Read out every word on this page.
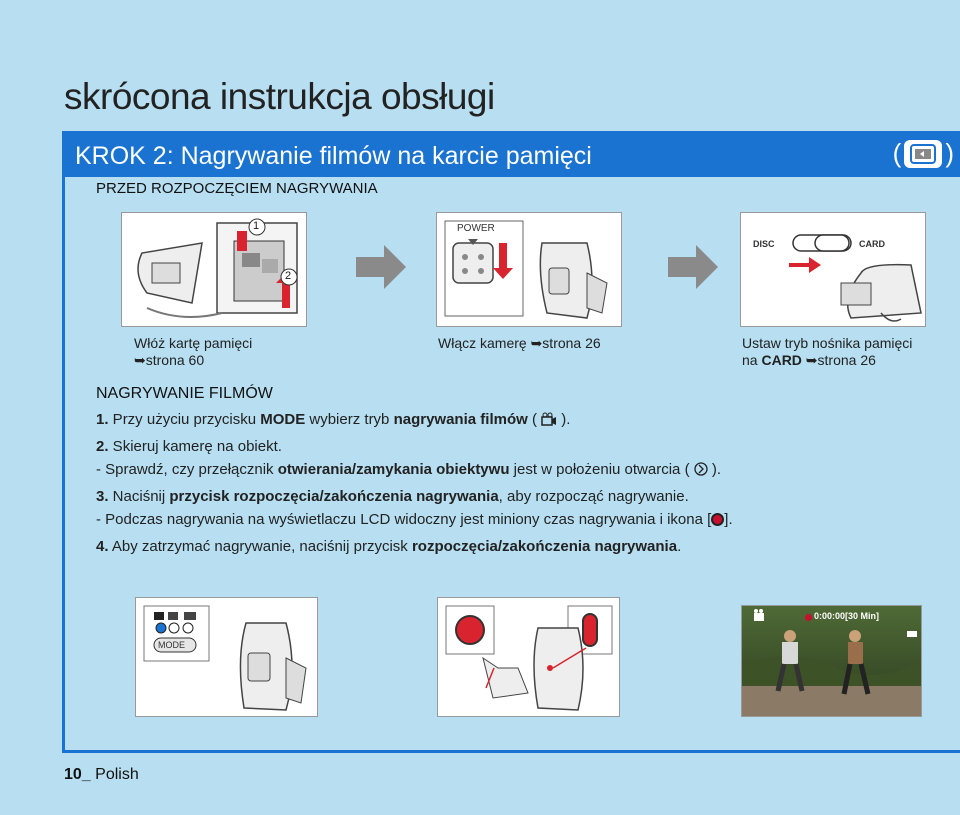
skrócona instrukcja obsługi
KROK 2: Nagrywanie filmów na karcie pamięci	( )
PRZED ROZPOCZĘCIEM NAGRYWANIA
1
2
POWER
DISC	CARD
Włóż kartę pamięci
➥strona 60
Włącz kamerę ➥strona 26	Ustaw tryb nośnika pamięci
na CARD ➥strona 26
NAGRYWANIE FILMÓW
1. Przy użyciu przycisku MODE wybierz tryb nagrywania filmów ( ).
2. Skieruj kamerę na obiekt.
- Sprawdź, czy przełącznik otwierania/zamykania obiektywu jest w położeniu otwarcia ( ).
3. Naciśnij przycisk rozpoczęcia/zakończenia nagrywania, aby rozpocząć nagrywanie.
- Podczas nagrywania na wyświetlaczu LCD widoczny jest miniony czas nagrywania i ikona [ ].
4. Aby zatrzymać nagrywanie, naciśnij przycisk rozpoczęcia/zakończenia nagrywania.
MODE
0:00:00[30 Min]
10_ Polish
